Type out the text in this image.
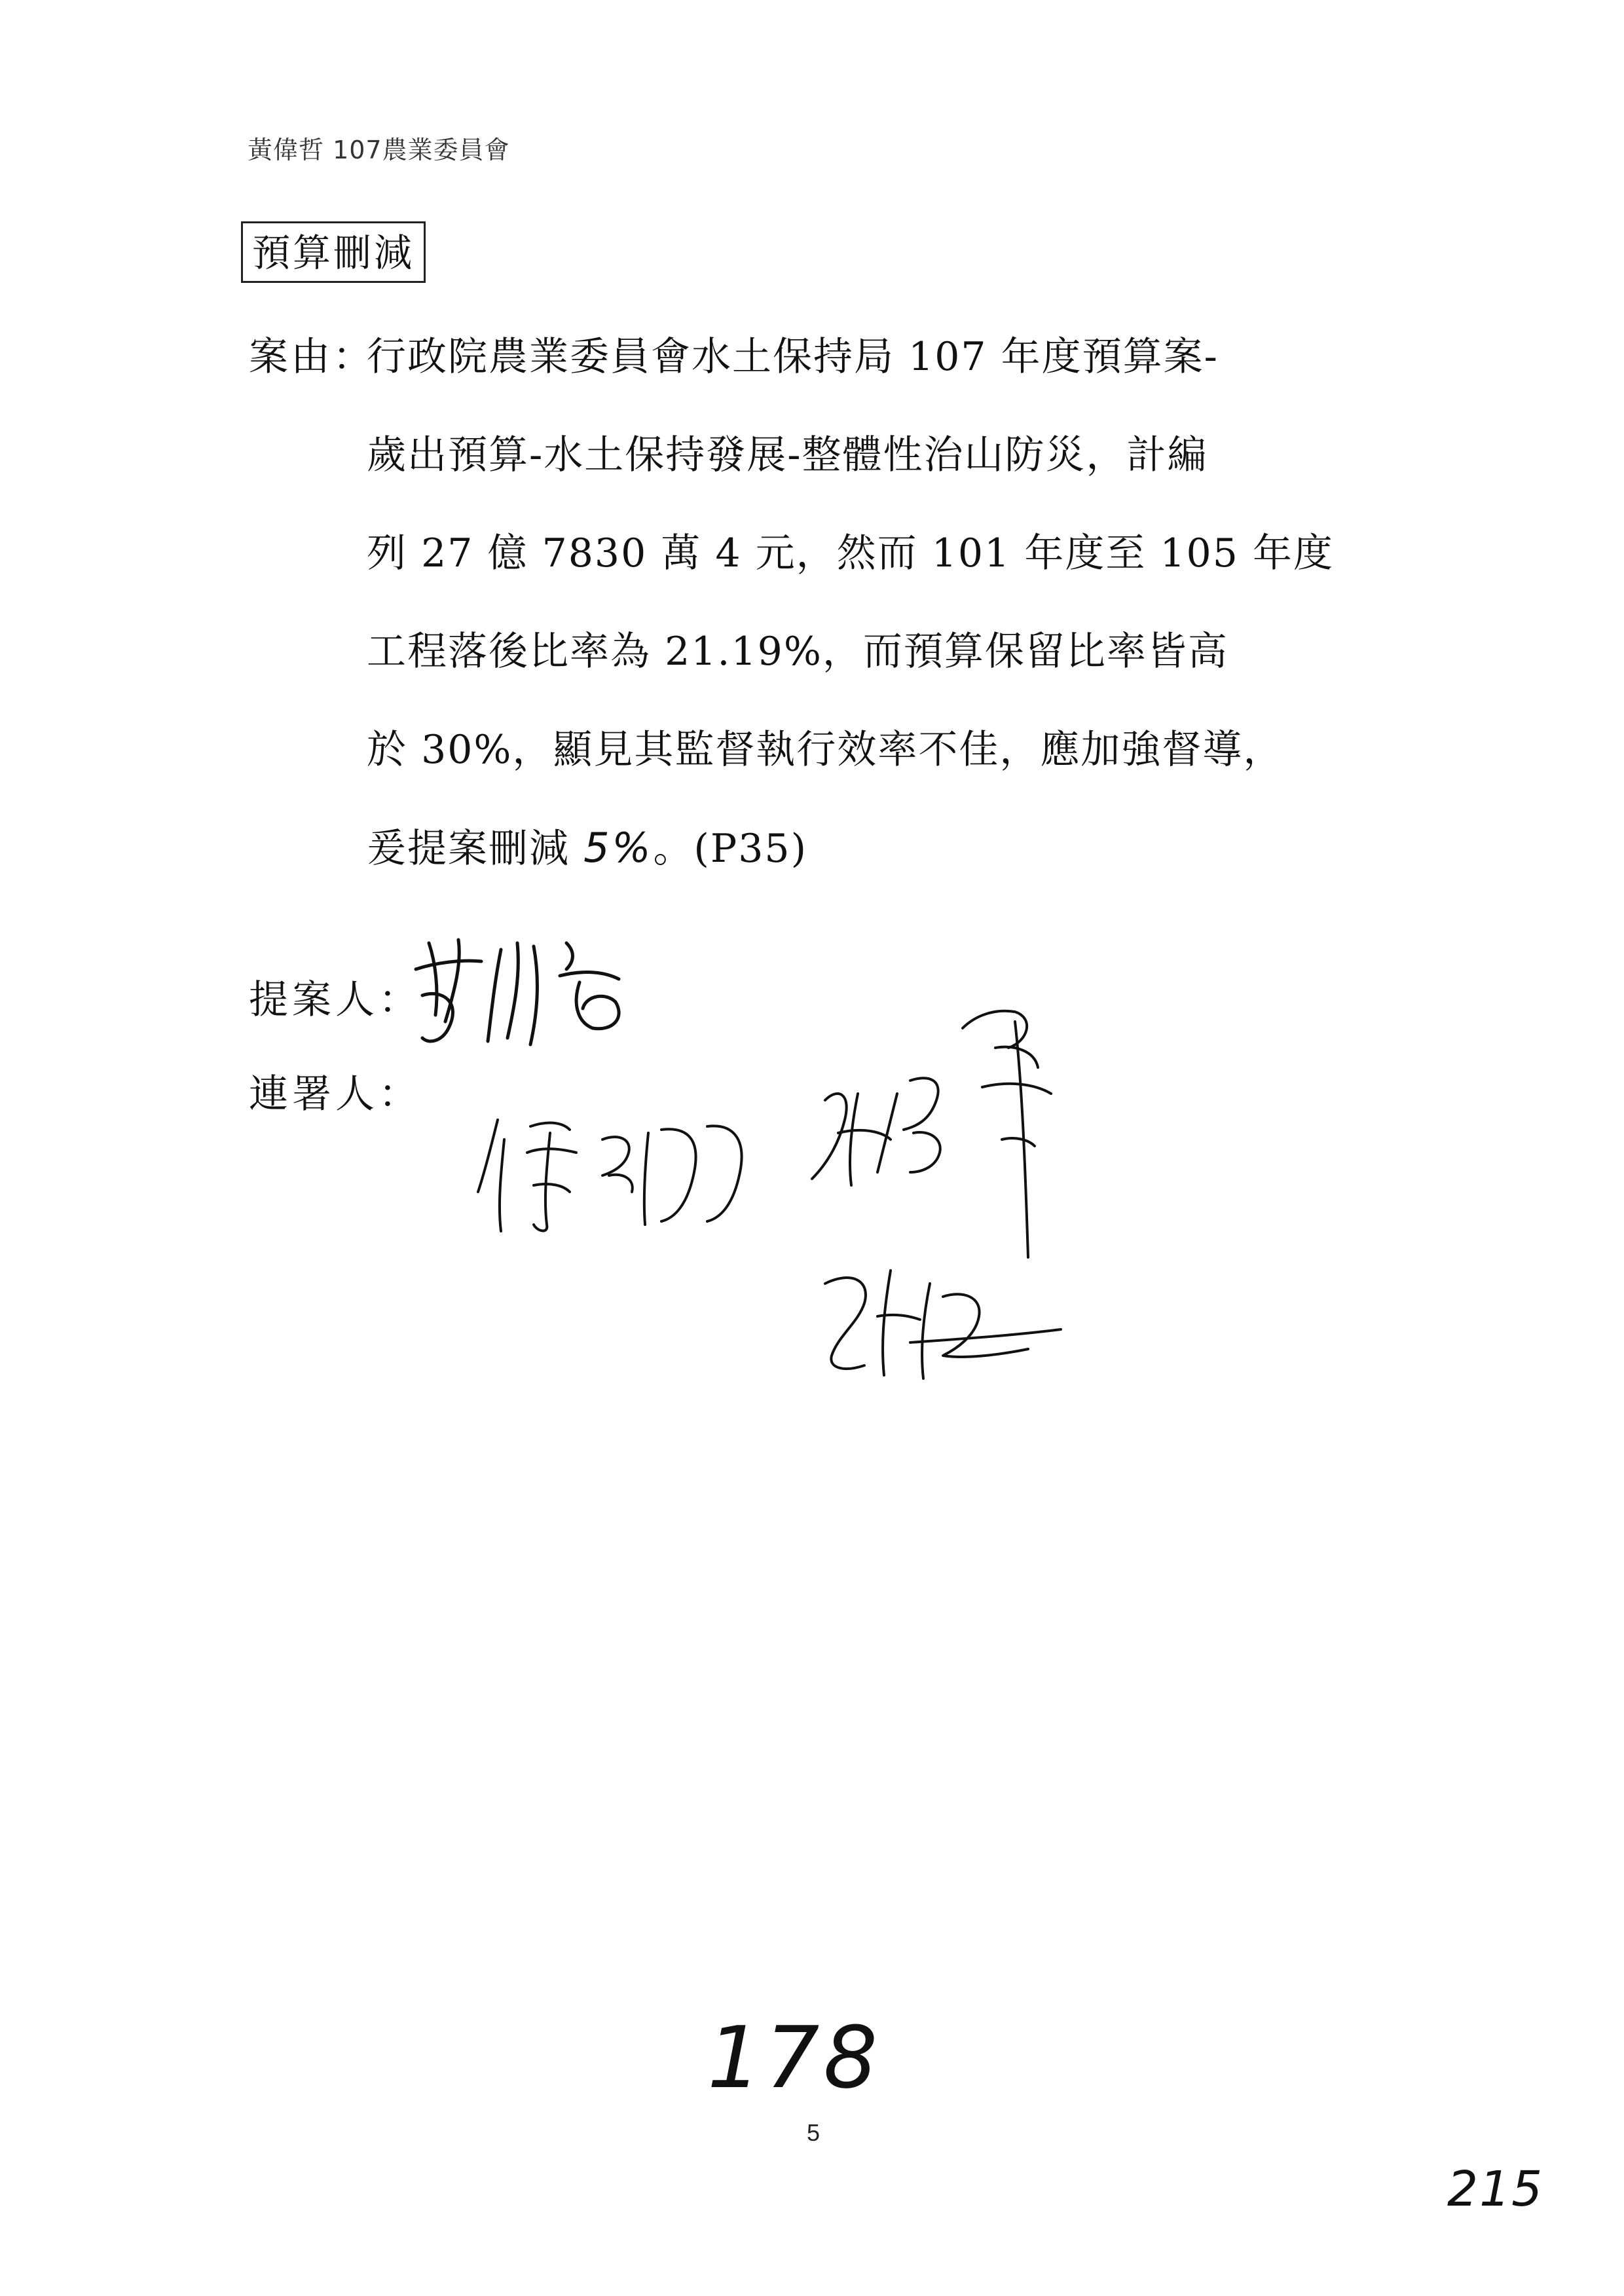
黃偉哲 107農業委員會
預算刪減
案由：
行政院農業委員會水土保持局 107 年度預算案-
歲出預算-水土保持發展-整體性治山防災，計編
列 27 億 7830 萬 4 元，然而 101 年度至 105 年度
工程落後比率為 21.19%，而預算保留比率皆高
於 30%，顯見其監督執行效率不佳，應加強督導，
爰提案刪減 5%。(P35)
提案人：
連署人：
178
5
215
